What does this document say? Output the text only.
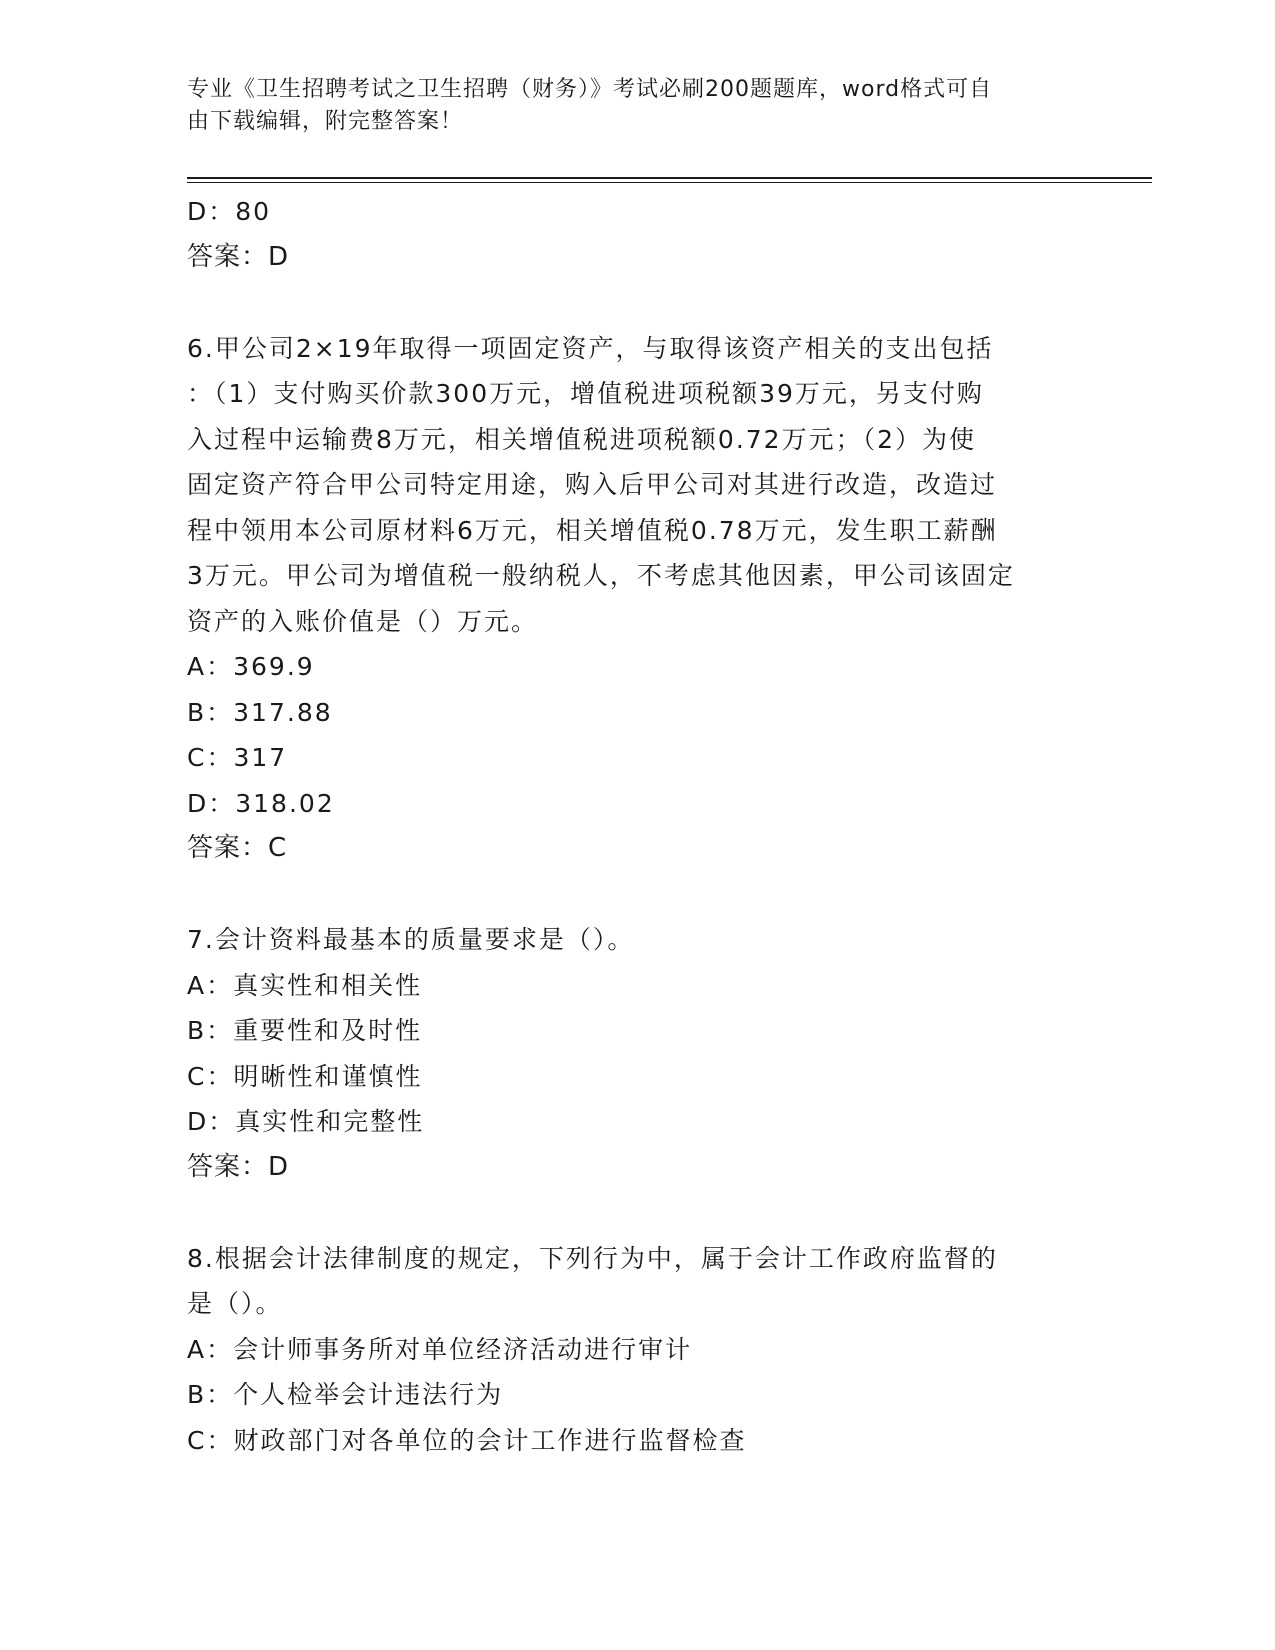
专业《卫生招聘考试之卫生招聘（财务）》考试必刷200题题库，word格式可自
由下载编辑，附完整答案！
D：80
答案：D
6.甲公司2×19年取得一项固定资产，与取得该资产相关的支出包括
：（1）支付购买价款300万元，增值税进项税额39万元，另支付购
入过程中运输费8万元，相关增值税进项税额0.72万元；（2）为使
固定资产符合甲公司特定用途，购入后甲公司对其进行改造，改造过
程中领用本公司原材料6万元，相关增值税0.78万元，发生职工薪酬
3万元。甲公司为增值税一般纳税人，不考虑其他因素，甲公司该固定
资产的入账价值是（）万元。
A：369.9
B：317.88
C：317
D：318.02
答案：C
7.会计资料最基本的质量要求是（）。
A：真实性和相关性
B：重要性和及时性
C：明晰性和谨慎性
D：真实性和完整性
答案：D
8.根据会计法律制度的规定，下列行为中，属于会计工作政府监督的
是（）。
A：会计师事务所对单位经济活动进行审计
B：个人检举会计违法行为
C：财政部门对各单位的会计工作进行监督检查
